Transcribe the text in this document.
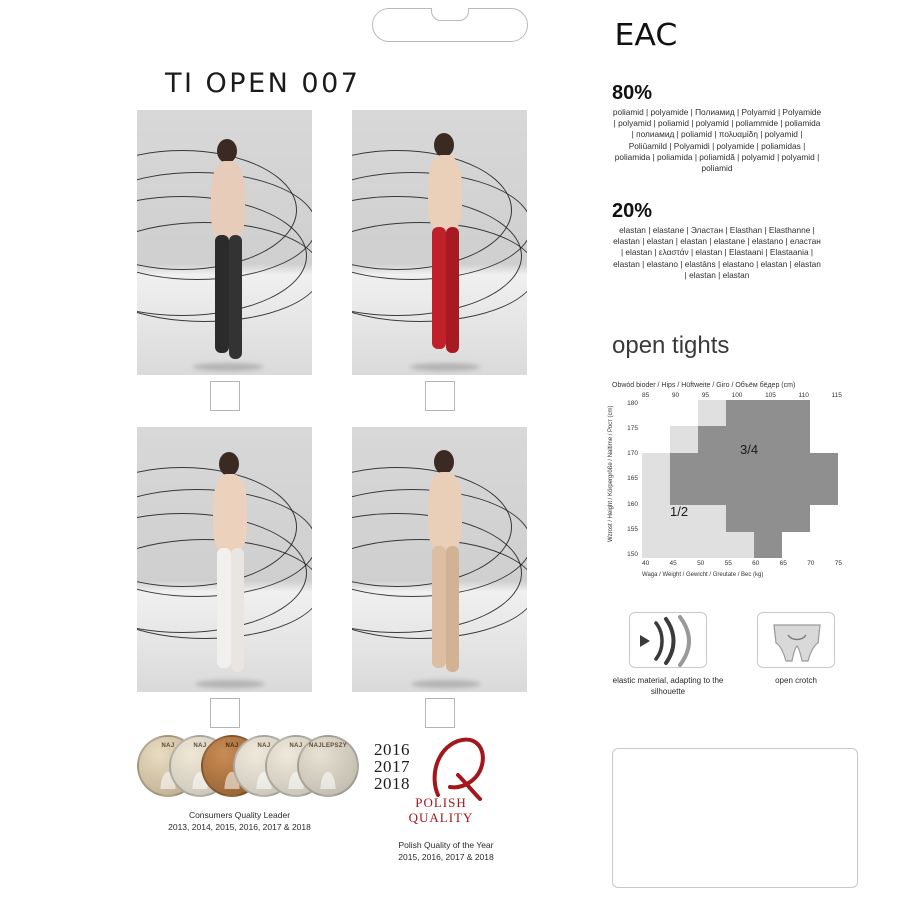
TI OPEN 007
NAJ	NAJ	NAJ	NAJ	NAJ NAJLEPSZY
Consumers Quality Leader
2013, 2014, 2015, 2016, 2017 & 2018
2016
2017
2018
POLISH
QUALITY
Polish Quality of the Year
2015, 2016, 2017 & 2018
EAC
80%
poliamid | polyamide | Полиамид | Polyamid | Polyamide | polyamid | poliamid | polyamid | poliammide | poliamida | полиамид | poliamid | πολυαμίδη | polyamid | Poliūamild | Polyamidi | polyamide | poliamidas | poliamida | poliamida | poliamidă | polyamid | polyamid | poliamid
20%
elastan | elastane | Эластан | Elasthan | Elasthanne | elastan | elastan | elastan | elastane | elastano | еластан | elastan | ελαστάν | elastan | Elastaani | Elastaania | elastan | elastano | elastāns | elastano | elastan | elastan | elastan | elastan
open tights
Obwód bioder / Hips / Hüftweite / Giro / Объём бёдер (cm)
Wzrost / Height / Körpergröße / Naltime / Рост (cm)
85	90	95	100	105	110	115
180
175
170
165
160
155
150
3/4
1/2
40	45	50	55	60	65	70	75
Waga / Weight / Gewicht / Greutate / Bec (kg)
elastic material, adapting to the silhouette
open crotch
